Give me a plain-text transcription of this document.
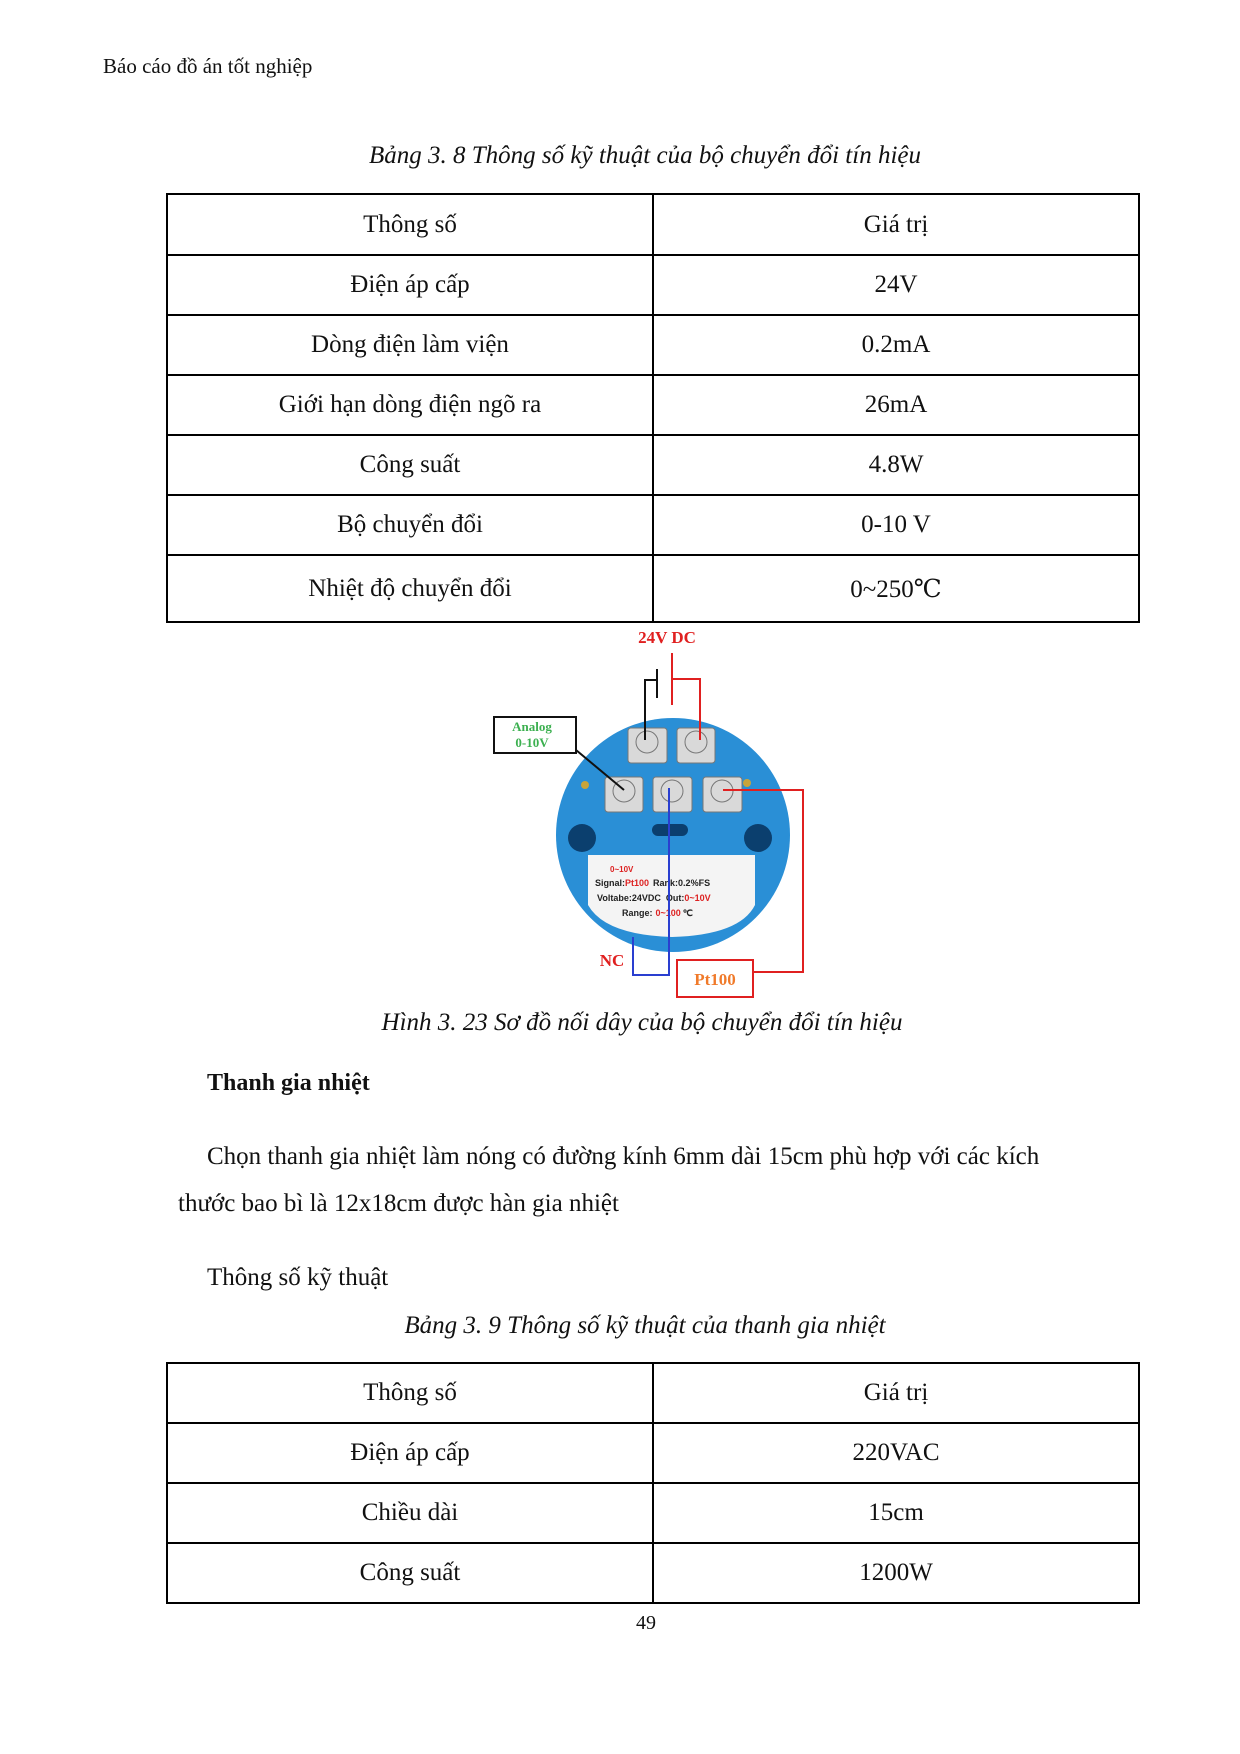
Báo cáo đồ án tốt nghiệp
Bảng 3. 8 Thông số kỹ thuật của bộ chuyển đổi tín hiệu
Thông số	Giá trị
Điện áp cấp	24V
Dòng điện làm viện	0.2mA
Giới hạn dòng điện ngõ ra	26mA
Công suất	4.8W
Bộ chuyển đổi	0-10 V
Nhiệt độ chuyển đổi	0~250℃
0~10V
Signal:Pt100 Rank:0.2%FS
Voltabe:24VDC Out:0~10V
Range: 0~100 ℃
24V DC
Analog
0-10V
NC
Pt100
Hình 3. 23 Sơ đồ nối dây của bộ chuyển đổi tín hiệu
Thanh gia nhiệt
Chọn thanh gia nhiệt làm nóng có đường kính 6mm dài 15cm phù hợp với các kích
thước bao bì là 12x18cm được hàn gia nhiệt
Thông số kỹ thuật
Bảng 3. 9 Thông số kỹ thuật của thanh gia nhiệt
Thông số	Giá trị
Điện áp cấp	220VAC
Chiều dài	15cm
Công suất	1200W
49
